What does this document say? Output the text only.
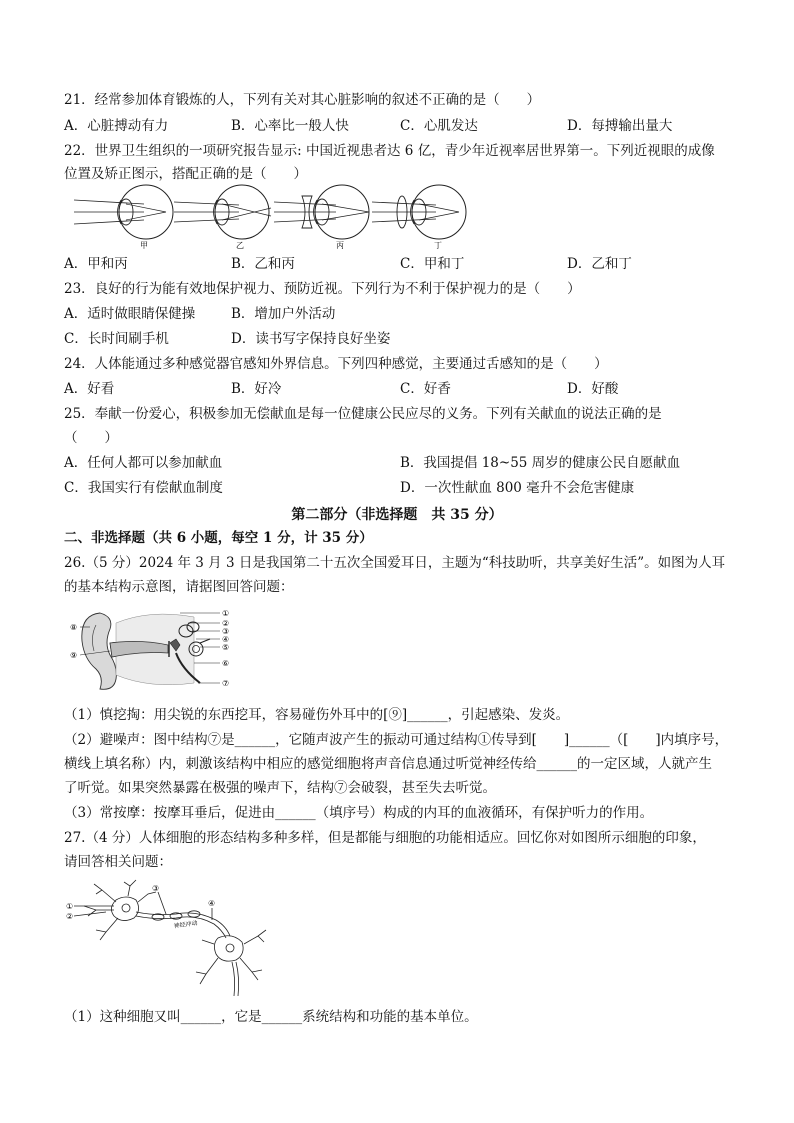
21．经常参加体育锻炼的人，下列有关对其心脏影响的叙述不正确的是（　　）
A．心脏搏动有力	B．心率比一般人快	C．心肌发达	D．每搏输出量大
22．世界卫生组织的一项研究报告显示: 中国近视患者达 6 亿，青少年近视率居世界第一。下列近视眼的成像
位置及矫正图示，搭配正确的是（　　）
甲	乙	丙	丁
A．甲和丙	B．乙和丙	C．甲和丁	D．乙和丁
23．良好的行为能有效地保护视力、预防近视。下列行为不利于保护视力的是（　　）
A．适时做眼睛保健操	B．增加户外活动
C．长时间刷手机	D．读书写字保持良好坐姿
24．人体能通过多种感觉器官感知外界信息。下列四种感觉，主要通过舌感知的是（　　）
A．好看	B．好冷	C．好香	D．好酸
25．奉献一份爱心，积极参加无偿献血是每一位健康公民应尽的义务。下列有关献血的说法正确的是
（　　）
A．任何人都可以参加献血	B．我国提倡 18~55 周岁的健康公民自愿献血
C．我国实行有偿献血制度	D．一次性献血 800 毫升不会危害健康
第二部分（非选择题　共 35 分）
二、非选择题（共 6 小题，每空 1 分，计 35 分）
26.（5 分）2024 年 3 月 3 日是我国第二十五次全国爱耳日，主题为“科技助听，共享美好生活”。如图为人耳
的基本结构示意图，请据图回答问题：
①
②
③
④
⑤
⑥
⑦
⑧
⑨
（1）慎挖掏：用尖锐的东西挖耳，容易碰伤外耳中的[⑨]______，引起感染、发炎。
（2）避噪声：图中结构⑦是______，它随声波产生的振动可通过结构①传导到[　　]______（[　　]内填序号，
横线上填名称）内，刺激该结构中相应的感觉细胞将声音信息通过听觉神经传给______的一定区域，人就产生
了听觉。如果突然暴露在极强的噪声下，结构⑦会破裂，甚至失去听觉。
（3）常按摩：按摩耳垂后，促进由______（填序号）构成的内耳的血液循环，有保护听力的作用。
27.（4 分）人体细胞的形态结构多种多样，但是都能与细胞的功能相适应。回忆你对如图所示细胞的印象，
请回答相关问题：
①
②
③
④
神经冲动
（1）这种细胞又叫______，它是______系统结构和功能的基本单位。
